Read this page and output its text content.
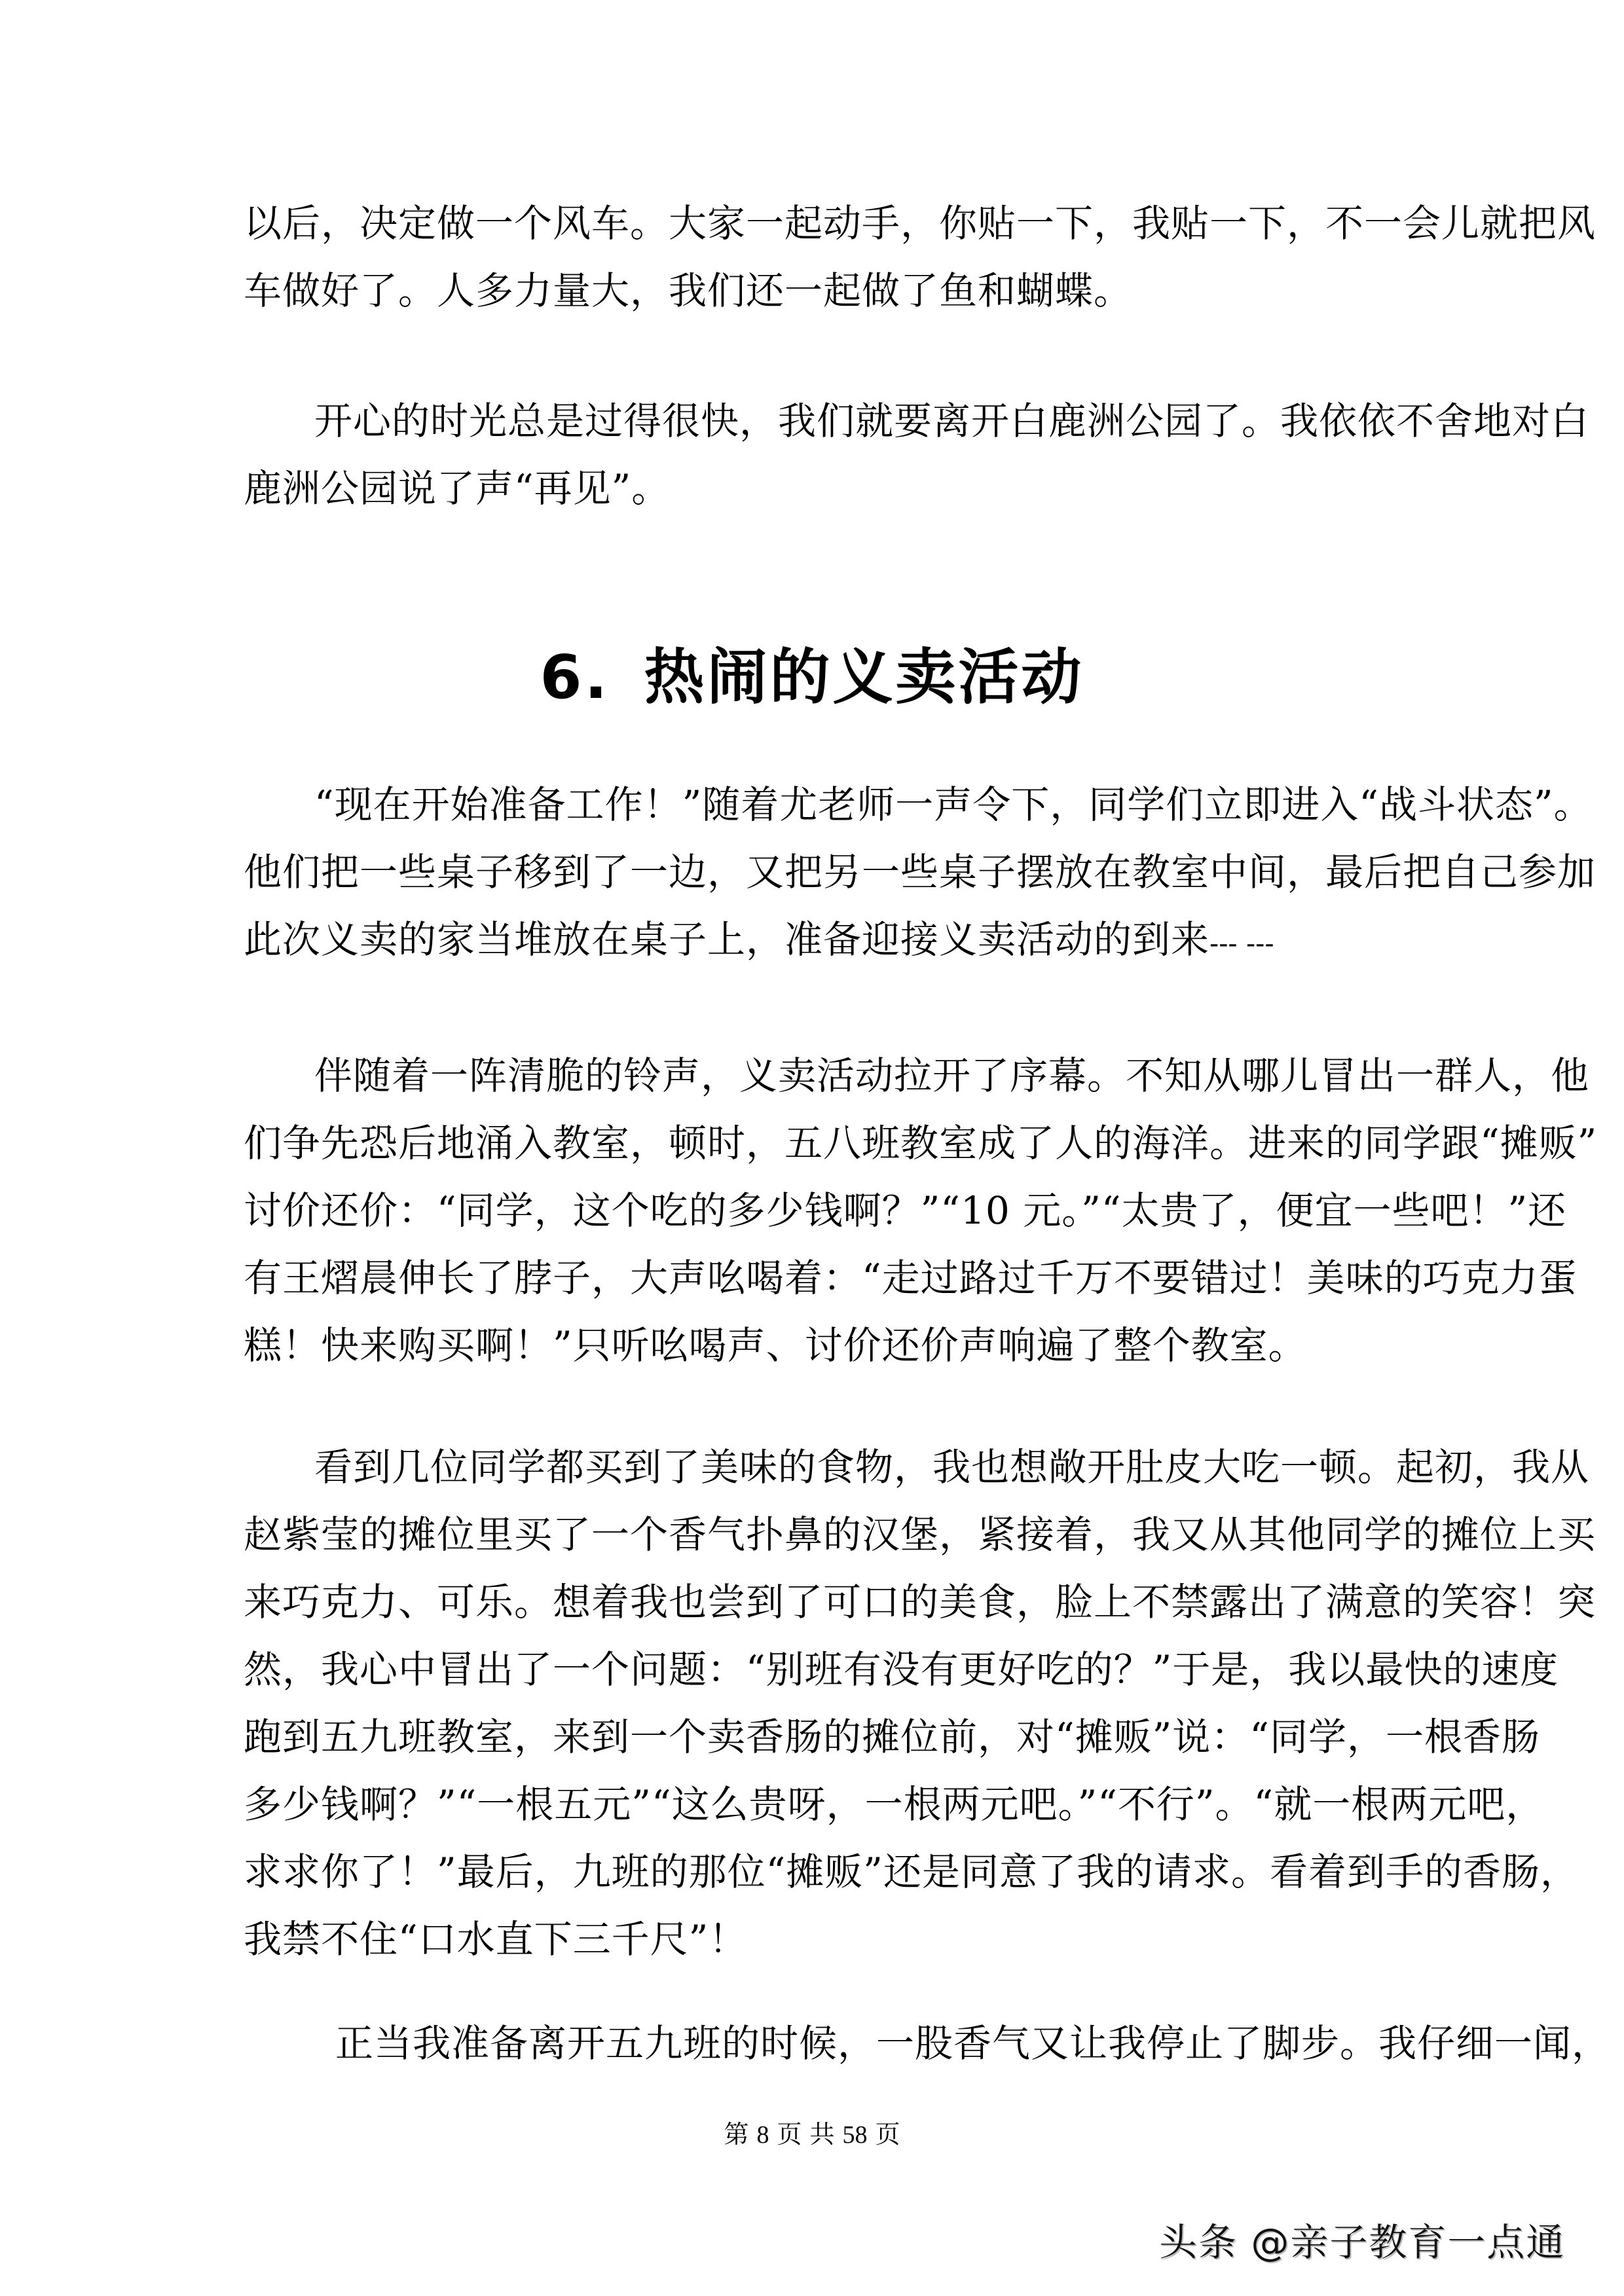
以后，决定做一个风车。大家一起动手，你贴一下，我贴一下，不一会儿就把风
车做好了。人多力量大，我们还一起做了鱼和蝴蝶。
开心的时光总是过得很快，我们就要离开白鹿洲公园了。我依依不舍地对白
鹿洲公园说了声“再见”。
6. 热闹的义卖活动
“现在开始准备工作！”随着尤老师一声令下，同学们立即进入“战斗状态”。
他们把一些桌子移到了一边，又把另一些桌子摆放在教室中间，最后把自己参加
此次义卖的家当堆放在桌子上，准备迎接义卖活动的到来--- ---
伴随着一阵清脆的铃声，义卖活动拉开了序幕。不知从哪儿冒出一群人，他
们争先恐后地涌入教室，顿时，五八班教室成了人的海洋。进来的同学跟“摊贩”
讨价还价：“同学，这个吃的多少钱啊？”“10 元。”“太贵了，便宜一些吧！”还
有王熠晨伸长了脖子，大声吆喝着：“走过路过千万不要错过！美味的巧克力蛋
糕！快来购买啊！”只听吆喝声、讨价还价声响遍了整个教室。
看到几位同学都买到了美味的食物，我也想敞开肚皮大吃一顿。起初，我从
赵紫莹的摊位里买了一个香气扑鼻的汉堡，紧接着，我又从其他同学的摊位上买
来巧克力、可乐。想着我也尝到了可口的美食，脸上不禁露出了满意的笑容！突
然，我心中冒出了一个问题：“别班有没有更好吃的？”于是，我以最快的速度
跑到五九班教室，来到一个卖香肠的摊位前，对“摊贩”说：“同学，一根香肠
多少钱啊？”“一根五元”“这么贵呀，一根两元吧。”“不行”。“就一根两元吧，
求求你了！”最后，九班的那位“摊贩”还是同意了我的请求。看着到手的香肠，
我禁不住“口水直下三千尺”！
正当我准备离开五九班的时候，一股香气又让我停止了脚步。我仔细一闻，
第 8 页 共 58 页
头条 @亲子教育一点通
